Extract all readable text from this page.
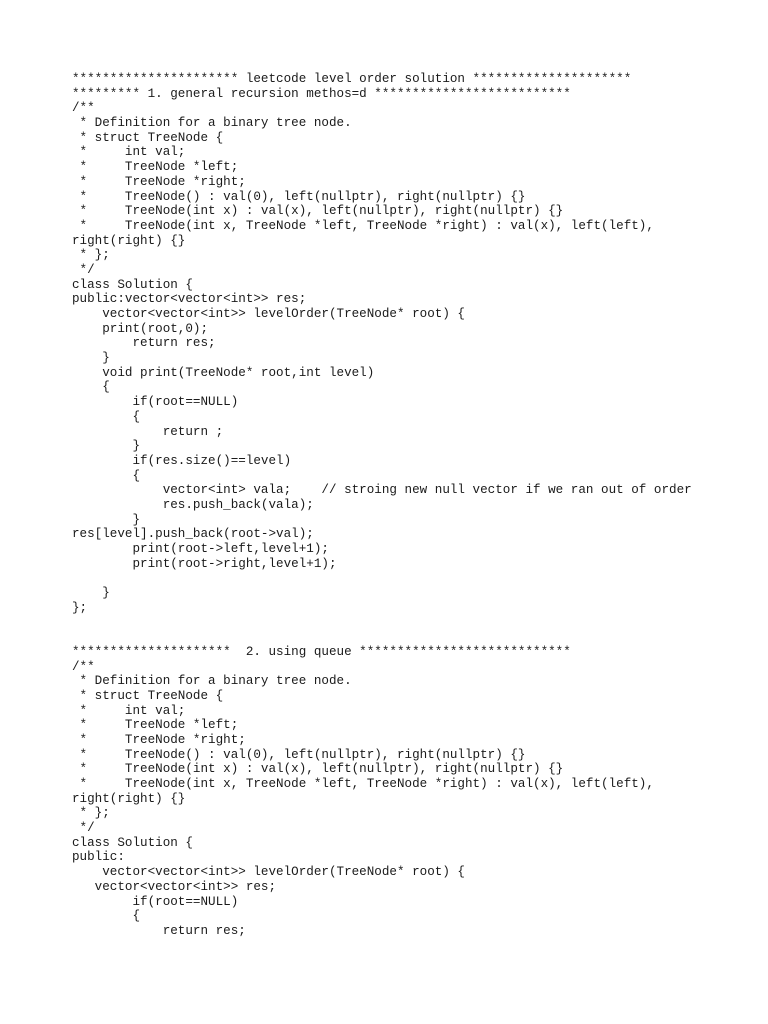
********************** leetcode level order solution *********************
********* 1. general recursion methos=d **************************
/**
* Definition for a binary tree node.
* struct TreeNode {
*     int val;
*     TreeNode *left;
*     TreeNode *right;
*     TreeNode() : val(0), left(nullptr), right(nullptr) {}
*     TreeNode(int x) : val(x), left(nullptr), right(nullptr) {}
*     TreeNode(int x, TreeNode *left, TreeNode *right) : val(x), left(left),
right(right) {}
* };
*/
class Solution {
public:vector<vector<int>> res;
vector<vector<int>> levelOrder(TreeNode* root) {
print(root,0);
return res;
}
void print(TreeNode* root,int level)
{
if(root==NULL)
{
return ;
}
if(res.size()==level)
{
vector<int> vala;    // stroing new null vector if we ran out of order
res.push_back(vala);
}
res[level].push_back(root->val);
print(root->left,level+1);
print(root->right,level+1);
}
};
*********************  2. using queue ****************************
/**
* Definition for a binary tree node.
* struct TreeNode {
*     int val;
*     TreeNode *left;
*     TreeNode *right;
*     TreeNode() : val(0), left(nullptr), right(nullptr) {}
*     TreeNode(int x) : val(x), left(nullptr), right(nullptr) {}
*     TreeNode(int x, TreeNode *left, TreeNode *right) : val(x), left(left),
right(right) {}
* };
*/
class Solution {
public:
vector<vector<int>> levelOrder(TreeNode* root) {
vector<vector<int>> res;
if(root==NULL)
{
return res;
